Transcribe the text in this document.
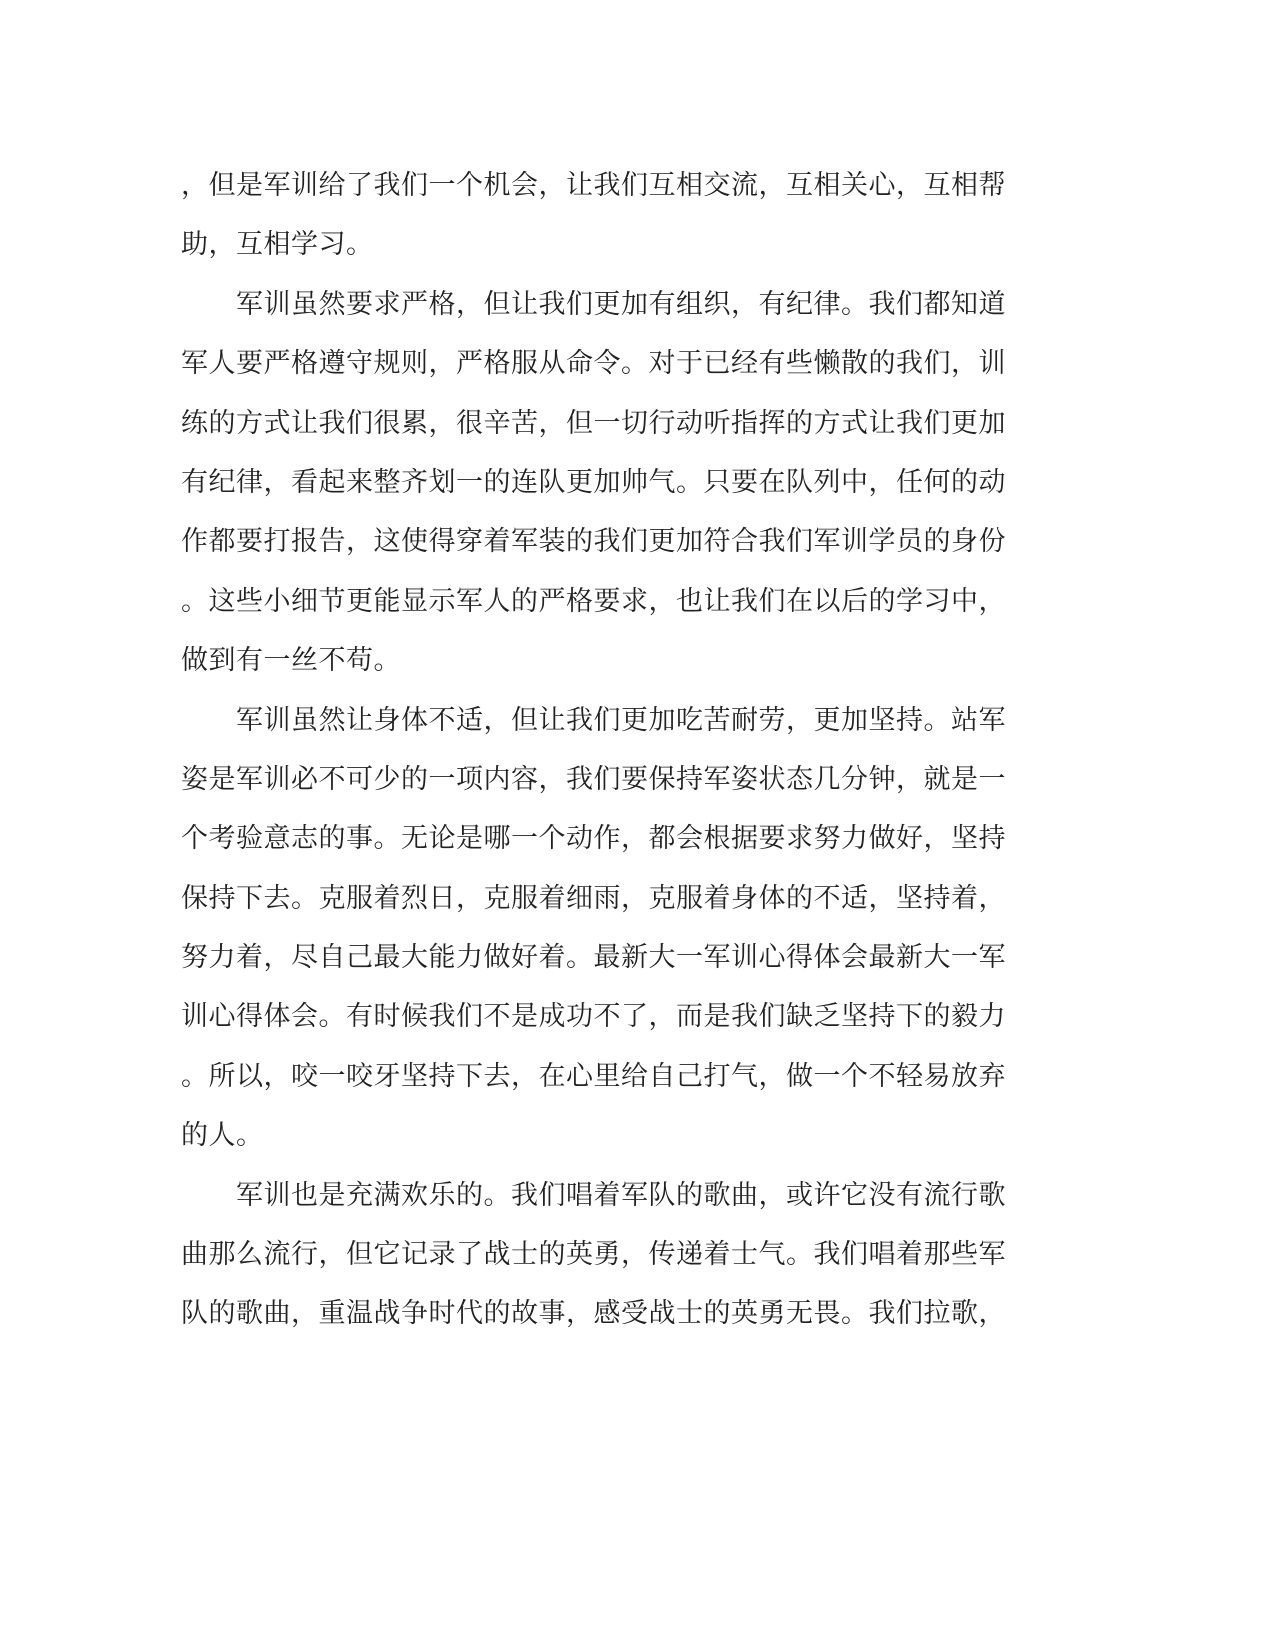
，但是军训给了我们一个机会，让我们互相交流，互相关心，互相帮
助，互相学习。
　　军训虽然要求严格，但让我们更加有组织，有纪律。我们都知道
军人要严格遵守规则，严格服从命令。对于已经有些懒散的我们，训
练的方式让我们很累，很辛苦，但一切行动听指挥的方式让我们更加
有纪律，看起来整齐划一的连队更加帅气。只要在队列中，任何的动
作都要打报告，这使得穿着军装的我们更加符合我们军训学员的身份
。这些小细节更能显示军人的严格要求，也让我们在以后的学习中，
做到有一丝不苟。
　　军训虽然让身体不适，但让我们更加吃苦耐劳，更加坚持。站军
姿是军训必不可少的一项内容，我们要保持军姿状态几分钟，就是一
个考验意志的事。无论是哪一个动作，都会根据要求努力做好，坚持
保持下去。克服着烈日，克服着细雨，克服着身体的不适，坚持着，
努力着，尽自己最大能力做好着。最新大一军训心得体会最新大一军
训心得体会。有时候我们不是成功不了，而是我们缺乏坚持下的毅力
。所以，咬一咬牙坚持下去，在心里给自己打气，做一个不轻易放弃
的人。
　　军训也是充满欢乐的。我们唱着军队的歌曲，或许它没有流行歌
曲那么流行，但它记录了战士的英勇，传递着士气。我们唱着那些军
队的歌曲，重温战争时代的故事，感受战士的英勇无畏。我们拉歌，
